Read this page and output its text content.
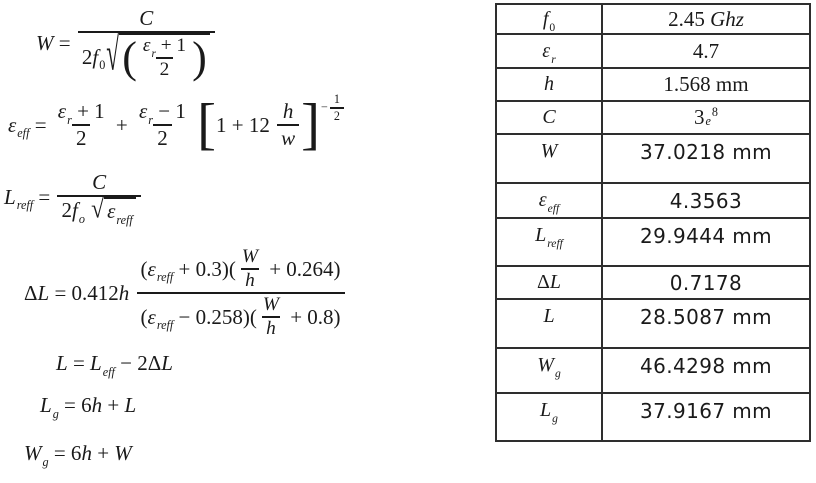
W = C
2 f 0 √ ( ε r + 1
2 )
ε eff = $\frac{\text{ε r + 1}}{2} + \frac{\text{ε r − 1}}{2}$
[ 1 + 12
h
w ] − $\frac{1}{2}$
L reff =
C
2 f o
√ ε reff
Δ L = 0.412 h

( ε reff + 0.3)( W
h + 0.264)
( ε reff − 0.258)( W
h + 0.8)
L = L eff − 2Δ L
L g = 6 h + L
W g = 6 h + W
f 0	2.45 Ghz
ε r	4.7
h	1.568 mm
C	3 e
8
W	37.0218 mm
ε eff	4.3563
L reff	29.9444 mm
Δ L	0.7178
L	28.5087 mm
W g	46.4298 mm
L g	37.9167 mm
